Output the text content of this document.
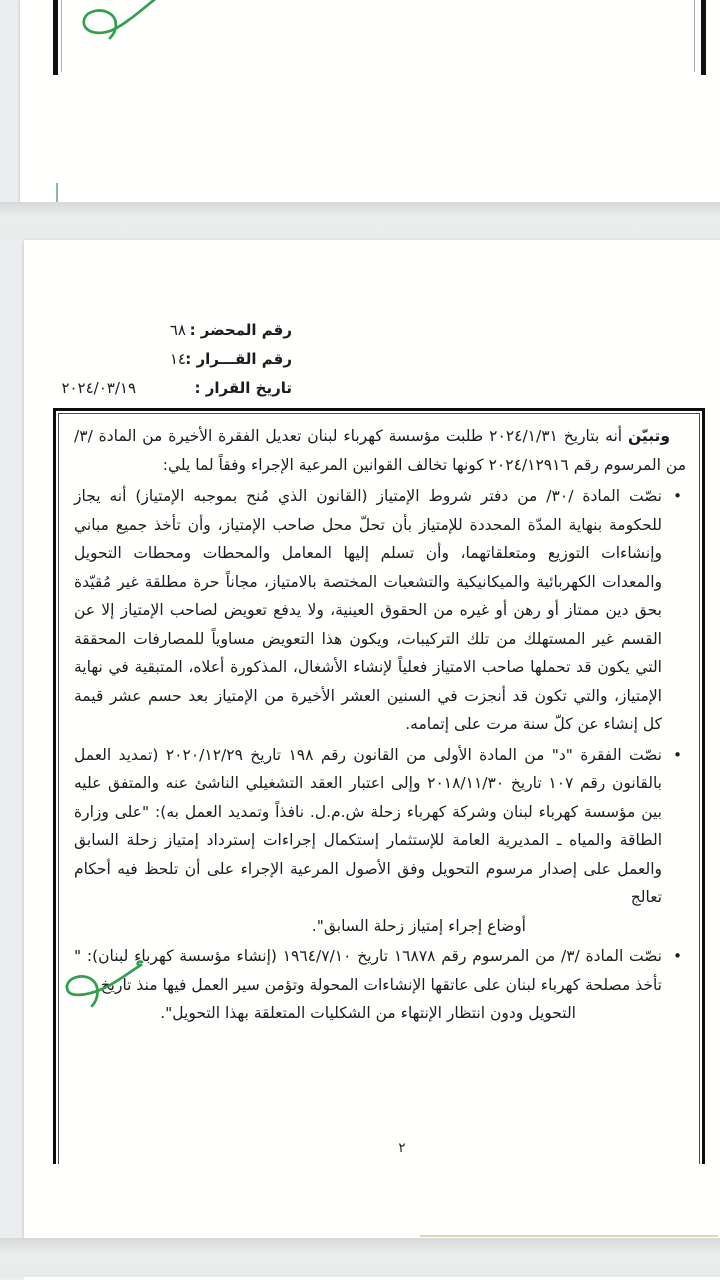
رقم المحضر :
٦٨
رقم القـــرار :
١٤
تاريخ القرار :
٢٠٢٤/٠٣/١٩

وتبيّن أنه بتاريخ ٢٠٢٤/١/٣١ طلبت مؤسسة كهرباء لبنان تعديل الفقرة الأخيرة من المادة /٣/ من المرسوم رقم ٢٠٢٤/١٢٩١٦ كونها تخالف القوانين المرعية الإجراء وفقاً لما يلي:

•
نصّت المادة /٣٠/ من دفتر شروط الإمتياز (القانون الذي مُنح بموجبه الإمتياز) أنه يجاز للحكومة بنهاية المدّة المحددة للإمتياز بأن تحلّ محل صاحب الإمتياز، وأن تأخذ جميع مباني وإنشاءات التوزيع ومتعلقاتهما، وأن تسلم إليها المعامل والمحطات ومحطات التحويل والمعدات الكهربائية والميكانيكية والتشعبات المختصة بالامتياز، مجاناً حرة مطلقة غير مُقيّدة بحق دين ممتاز أو رهن أو غيره من الحقوق العينية، ولا يدفع تعويض لصاحب الإمتياز إلا عن القسم غير المستهلك من تلك التركيبات، ويكون هذا التعويض مساوياً للمصارفات المحققة التي يكون قد تحملها صاحب الامتياز فعلياً لإنشاء الأشغال، المذكورة أعلاه، المتبقية في نهاية الإمتياز، والتي تكون قد أنجزت في السنين العشر الأخيرة من الإمتياز بعد حسم عشر قيمة كل إنشاء عن كلّ سنة مرت على إتمامه.
•
نصّت الفقرة "د" من المادة الأولى من القانون رقم ١٩٨ تاريخ ٢٠٢٠/١٢/٢٩ (تمديد العمل بالقانون رقم ١٠٧ تاريخ ٢٠١٨/١١/٣٠ وإلى اعتبار العقد التشغيلي الناشئ عنه والمتفق عليه بين مؤسسة كهرباء لبنان وشركة كهرباء زحلة ش.م.ل. نافذاً وتمديد العمل به): "على وزارة الطاقة والمياه ـ المديرية العامة للإستثمار إستكمال إجراءات إسترداد إمتياز زحلة السابق والعمل على إصدار مرسوم التحويل وفق الأصول المرعية الإجراء على أن تلحظ فيه أحكام تعالج
أوضاع إجراء إمتياز زحلة السابق".
•
نصّت المادة /٣/ من المرسوم رقم ١٦٨٧٨ تاريخ ١٩٦٤/٧/١٠ (إنشاء مؤسسة كهرباء لبنان): " تأخذ مصلحة كهرباء لبنان على عاتقها الإنشاءات المحولة وتؤمن سير العمل فيها منذ تاريخ
التحويل ودون انتظار الإنتهاء من الشكليات المتعلقة بهذا التحويل".
٢
